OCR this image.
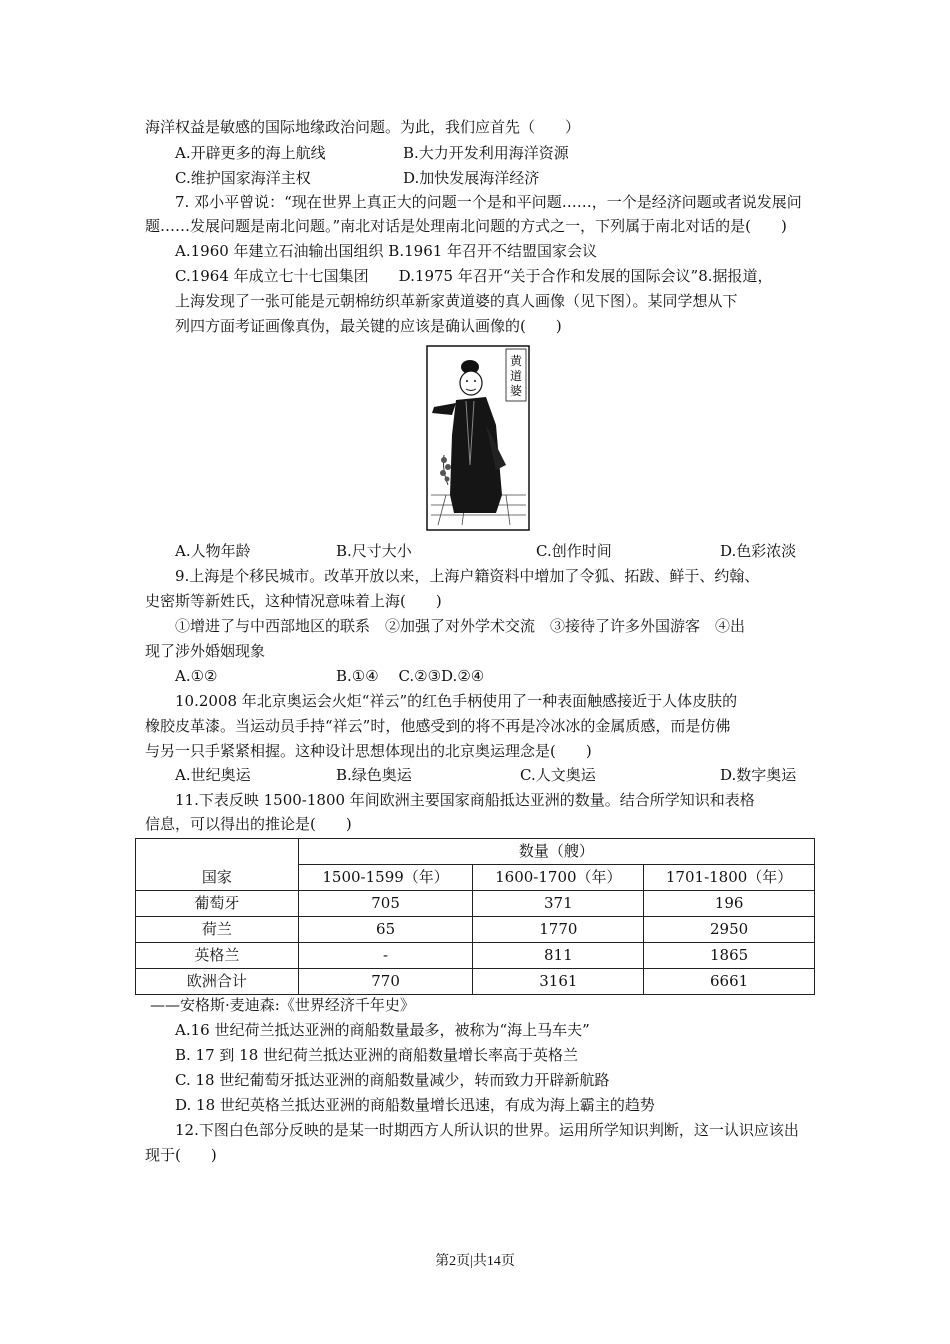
海洋权益是敏感的国际地缘政治问题。为此，我们应首先（　　）
A.开辟更多的海上航线	B.大力开发利用海洋资源
C.维护国家海洋主权	D.加快发展海洋经济
7. 邓小平曾说：“现在世界上真正大的问题一个是和平问题……，一个是经济问题或者说发展问
题……发展问题是南北问题。”南北对话是处理南北问题的方式之一，下列属于南北对话的是(　　)
A.1960 年建立石油输出国组织 B.1961 年召开不结盟国家会议
C.1964 年成立七十七国集团　　D.1975 年召开“关于合作和发展的国际会议”8.据报道，
上海发现了一张可能是元朝棉纺织革新家黄道婆的真人画像（见下图）。某同学想从下
列四方面考证画像真伪，最关键的应该是确认画像的(　　)
黄
道
婆
A.人物年龄	B.尺寸大小	C.创作时间	D.色彩浓淡
9.上海是个移民城市。改革开放以来，上海户籍资料中增加了令狐、拓跋、鲜于、约翰、
史密斯等新姓氏，这种情况意味着上海(　　)
①增进了与中西部地区的联系　②加强了对外学术交流　③接待了许多外国游客　④出
现了涉外婚姻现象
A.①②	B.①④　 C.②③D.②④
10.2008 年北京奥运会火炬“祥云”的红色手柄使用了一种表面触感接近于人体皮肤的
橡胶皮革漆。当运动员手持“祥云”时，他感受到的将不再是冷冰冰的金属质感，而是仿佛
与另一只手紧紧相握。这种设计思想体现出的北京奥运理念是(　　)
A.世纪奥运	B.绿色奥运	C.人文奥运	D.数字奥运
11.下表反映 1500-1800 年间欧洲主要国家商船抵达亚洲的数量。结合所学知识和表格
信息，可以得出的推论是(　　)
	数量（艘）		
国家	1500-1599（年）	1600-1700（年）	1701-1800（年）
葡萄牙	705	371	196
荷兰	65	1770	2950
英格兰	-	811	1865
欧洲合计	770	3161	6661
——安格斯·麦迪森:《世界经济千年史》
A.16 世纪荷兰抵达亚洲的商船数量最多，被称为“海上马车夫”
B. 17 到 18 世纪荷兰抵达亚洲的商船数量增长率高于英格兰
C. 18 世纪葡萄牙抵达亚洲的商船数量减少，转而致力开辟新航路
D. 18 世纪英格兰抵达亚洲的商船数量增长迅速，有成为海上霸主的趋势
12.下图白色部分反映的是某一时期西方人所认识的世界。运用所学知识判断，这一认识应该出
现于(　　)
第2页|共14页
